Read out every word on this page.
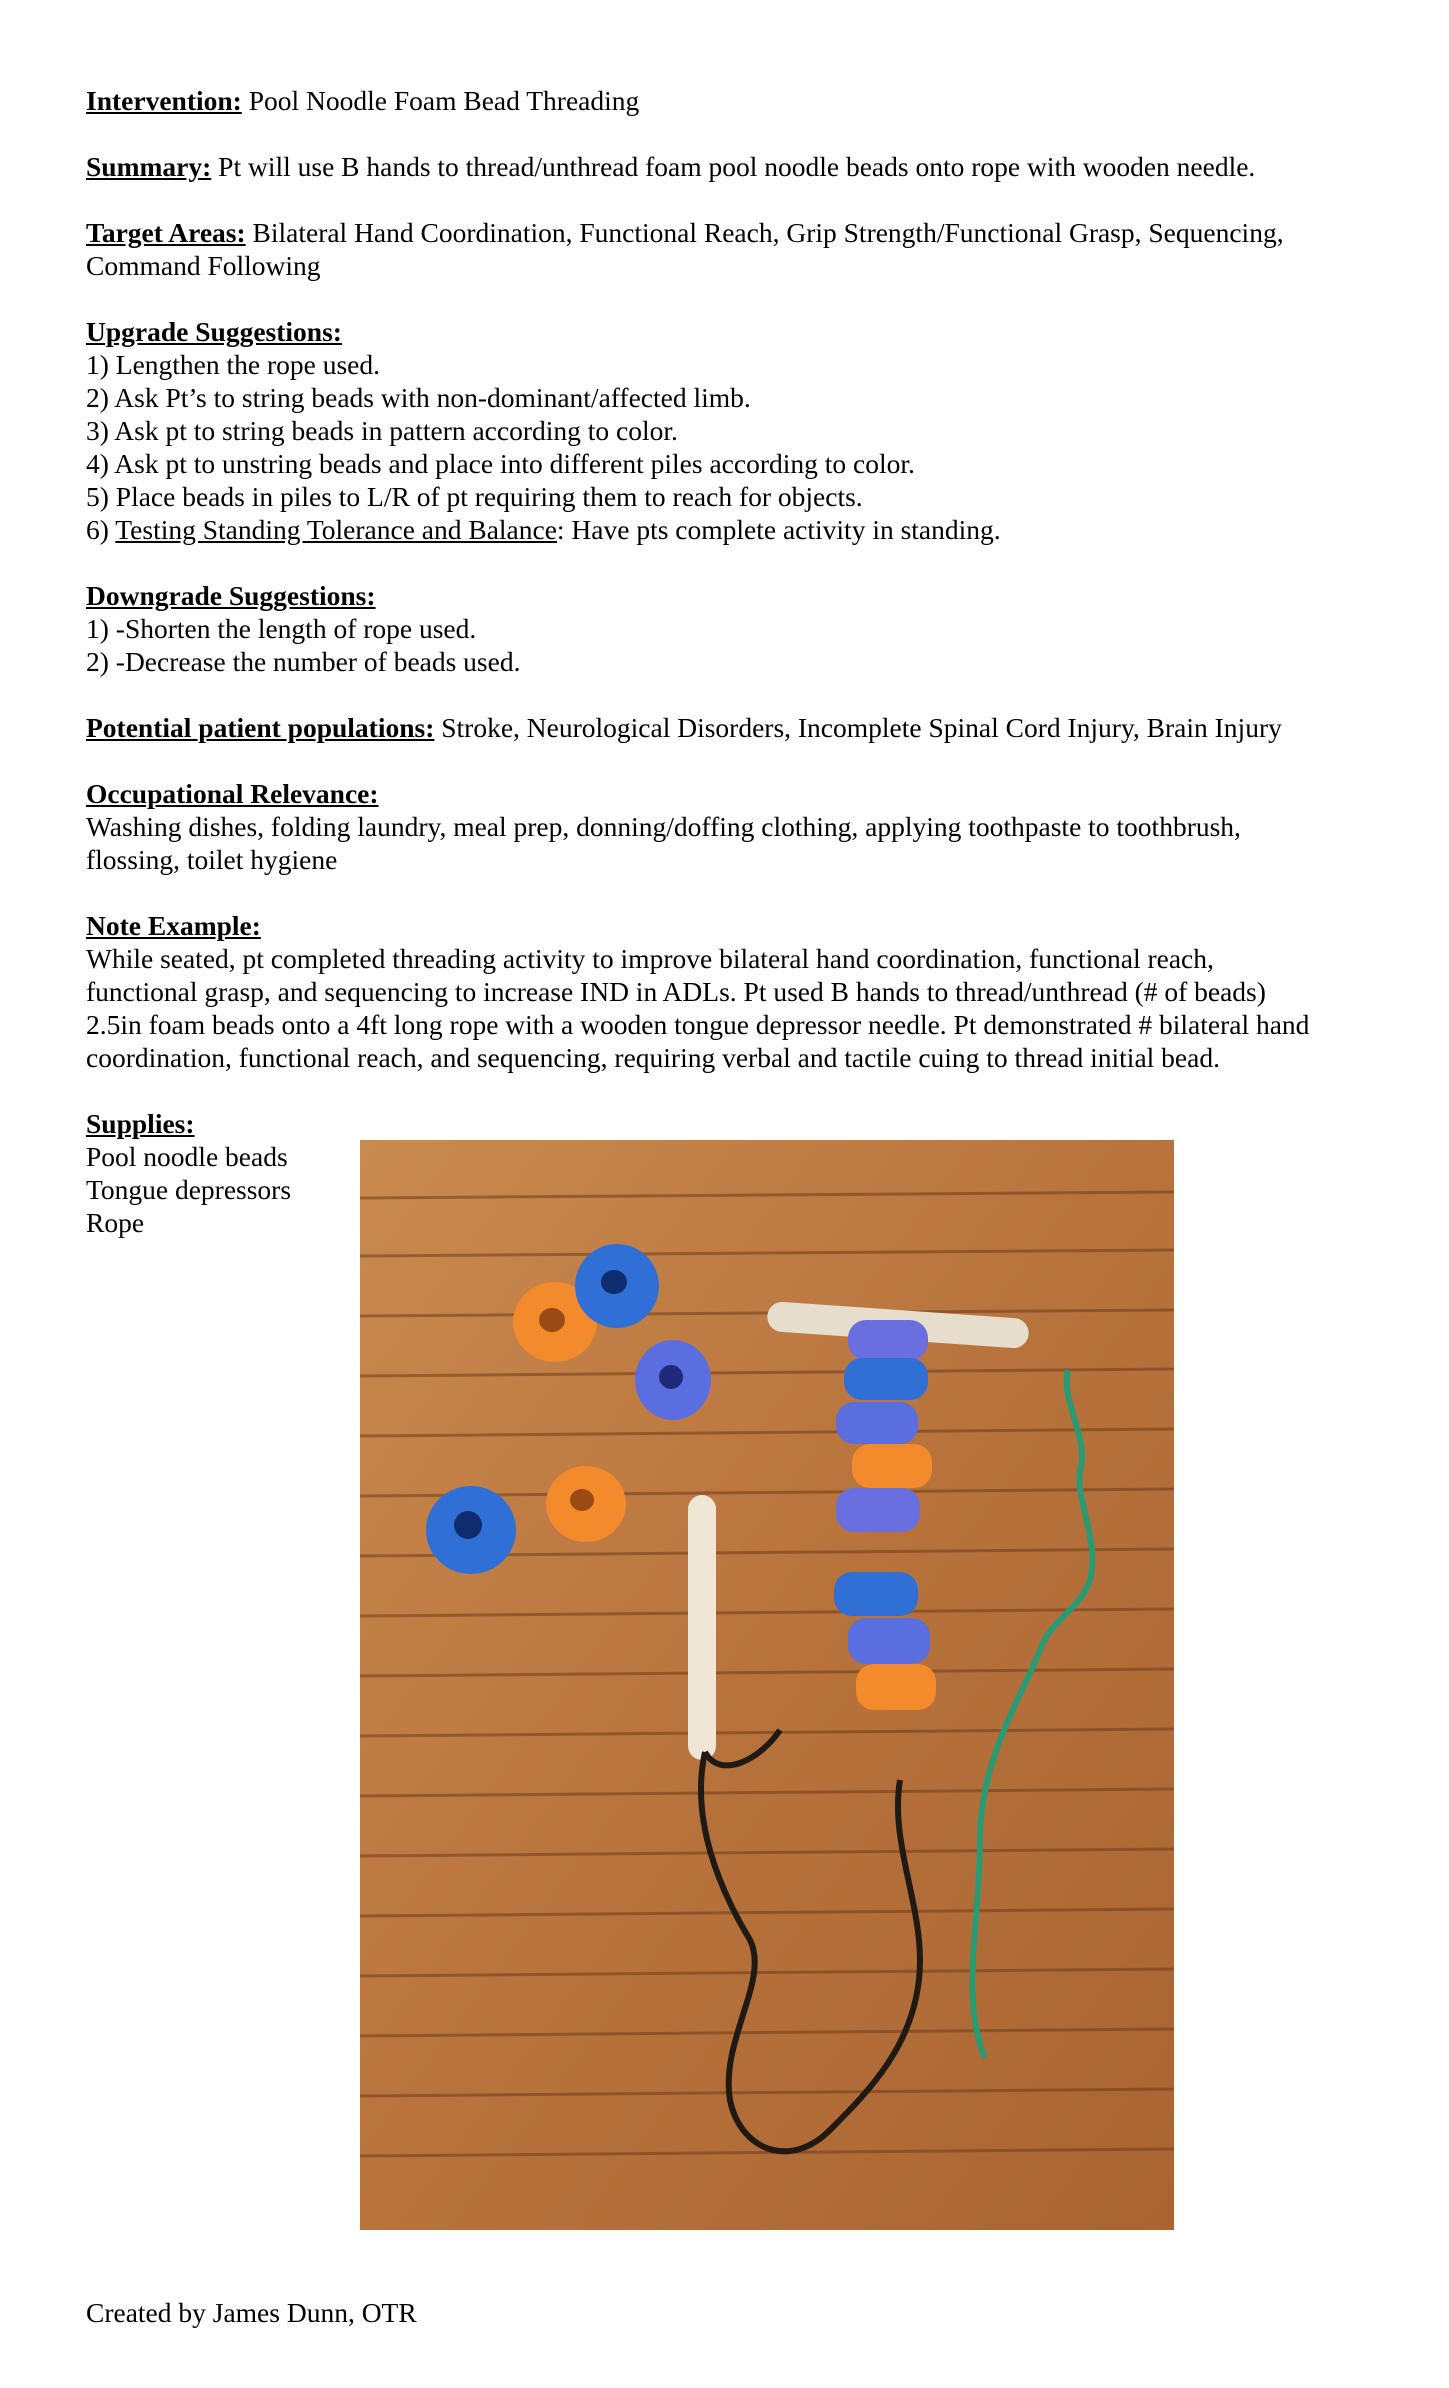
Intervention: Pool Noodle Foam Bead Threading
Summary: Pt will use B hands to thread/unthread foam pool noodle beads onto rope with wooden needle.
Target Areas: Bilateral Hand Coordination, Functional Reach, Grip Strength/Functional Grasp, Sequencing,
Command Following
Upgrade Suggestions:
1) Lengthen the rope used.
2) Ask Pt’s to string beads with non-dominant/affected limb.
3) Ask pt to string beads in pattern according to color.
4) Ask pt to unstring beads and place into different piles according to color.
5) Place beads in piles to L/R of pt requiring them to reach for objects.
6) Testing Standing Tolerance and Balance: Have pts complete activity in standing.
Downgrade Suggestions:
1) -Shorten the length of rope used.
2) -Decrease the number of beads used.
Potential patient populations: Stroke, Neurological Disorders, Incomplete Spinal Cord Injury, Brain Injury
Occupational Relevance:
Washing dishes, folding laundry, meal prep, donning/doffing clothing, applying toothpaste to toothbrush,
flossing, toilet hygiene
Note Example:
While seated, pt completed threading activity to improve bilateral hand coordination, functional reach,
functional grasp, and sequencing to increase IND in ADLs. Pt used B hands to thread/unthread (# of beads)
2.5in foam beads onto a 4ft long rope with a wooden tongue depressor needle. Pt demonstrated # bilateral hand
coordination, functional reach, and sequencing, requiring verbal and tactile cuing to thread initial bead.
Supplies:
Pool noodle beads
Tongue depressors
Rope
Created by James Dunn, OTR
